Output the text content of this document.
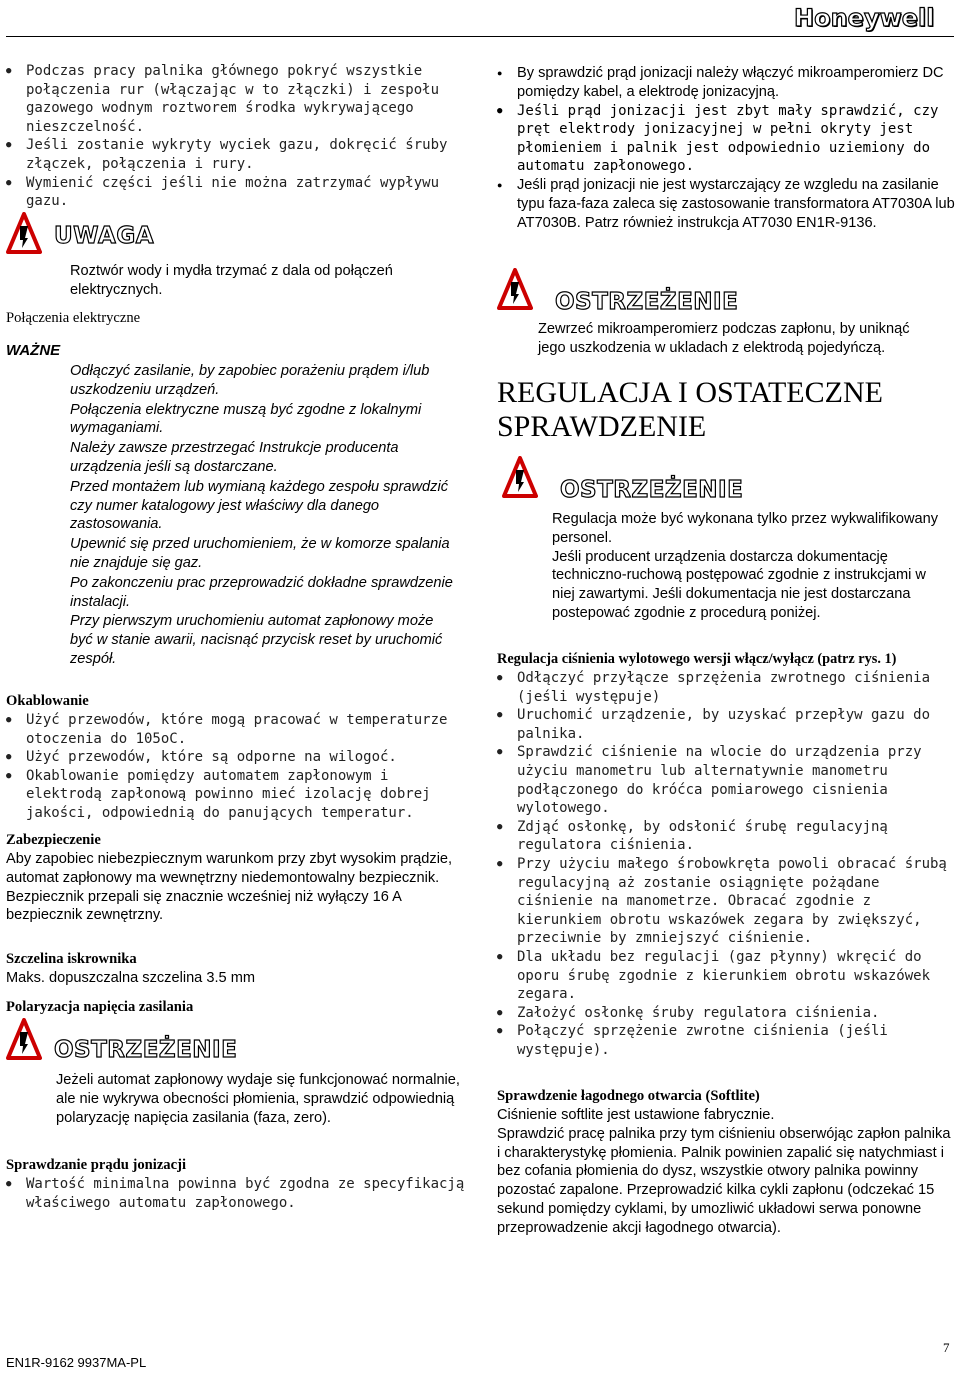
Honeywell
● Podczas pracy palnika głównego pokryć wszystkie połączenia rur (włączając w to złączki) i zespołu gazowego wodnym roztworem środka wykrywającego nieszczelność.
● Jeśli zostanie wykryty wyciek gazu, dokręcić śruby złączek, połączenia i rury.
● Wymienić części jeśli nie można zatrzymać wypływu gazu.
UWAGA

Roztwór wody i mydła trzymać z dala od połączeń elektrycznych.

Połączenia elektryczne

WAŻNE

Odłączyć zasilanie, by zapobiec porażeniu prądem i/lub uszkodzeniu urządzeń.

Połączenia elektryczne muszą być zgodne z lokalnymi wymaganiami.

Należy zawsze przestrzegać Instrukcje producenta urządzenia jeśli są dostarczane.

Przed montażem lub wymianą każdego zespołu sprawdzić czy numer katalogowy jest właściwy dla danego zastosowania.

Upewnić się przed uruchomieniem, że w komorze spalania nie znajduje się gaz.

Po zakonczeniu prac przeprowadzić dokładne sprawdzenie instalacji.

Przy pierwszym uruchomieniu automat zapłonowy może być w stanie awarii, nacisnąć przycisk reset by uruchomić zespół.

Okablowanie

● Użyć przewodów, które mogą pracować w temperaturze otoczenia do 105oC.
● Użyć przewodów, które są odporne na wilogoć.
● Okablowanie pomiędzy automatem zapłonowym i elektrodą zapłonową powinno mieć izolację dobrej jakości, odpowiednią do panujących temperatur.

Zabezpieczenie

Aby zapobiec niebezpiecznym warunkom przy zbyt wysokim prądzie, automat zapłonowy ma wewnętrzny niedemontowalny bezpiecznik.

Bezpiecznik przepali się znacznie wcześniej niż wyłączy 16 A bezpiecznik zewnętrzny.

Szczelina iskrownika

Maks. dopuszczalna szczelina 3.5 mm

Polaryzacja napięcia zasilania

OSTRZEŻENIE

Jeżeli automat zapłonowy wydaje się funkcjonować normalnie, ale nie wykrywa obecności płomienia, sprawdzić odpowiednią polaryzację napięcia zasilania (faza, zero).

Sprawdzanie prądu jonizacji

● Wartość minimalna powinna być zgodna ze specyfikacją właściwego automatu zapłonowego.
● By sprawdzić prąd jonizacji należy włączyć mikroamperomierz DC pomiędzy kabel, a elektrodę jonizacyjną.
● Jeśli prąd jonizacji jest zbyt mały sprawdzić, czy pręt elektrody jonizacyjnej w pełni okryty jest płomieniem i palnik jest odpowiednio uziemiony do automatu zapłonowego.
● Jeśli prąd jonizacji nie jest wystarczający ze wzgledu na zasilanie typu faza-faza zaleca się zastosowanie transformatora AT7030A lub AT7030B. Patrz również instrukcja AT7030 EN1R-9136.
OSTRZEŻENIE

Zewrzeć mikroamperomierz podczas zapłonu, by uniknąć jego uszkodzenia w ukladach z elektrodą pojedyńczą.

REGULACJA I OSTATECZNE

SPRAWDZENIE

OSTRZEŻENIE

Regulacja może być wykonana tylko przez wykwalifikowany personel.

Jeśli producent urządzenia dostarcza dokumentację techniczno-ruchową postępować zgodnie z instrukcjami w niej zawartymi. Jeśli dokumentacja nie jest dostarczana postepować zgodnie z procedurą poniżej.

Regulacja ciśnienia wylotowego wersji włącz/wyłącz (patrz rys. 1)

● Odłączyć przyłącze sprzężenia zwrotnego ciśnienia (jeśli występuje)
● Uruchomić urządzenie, by uzyskać przepływ gazu do palnika.
● Sprawdzić ciśnienie na wlocie do urządzenia przy użyciu manometru lub alternatywnie manometru podłączonego do króćca pomiarowego cisnienia wylotowego.
● Zdjąć osłonkę, by odsłonić śrubę regulacyjną regulatora ciśnienia.
● Przy użyciu małego śrobowkręta powoli obracać śrubą regulacyjną aż zostanie osiągnięte pożądane ciśnienie na manometrze. Obracać zgodnie z kierunkiem obrotu wskazówek zegara by zwiększyć, przeciwnie by zmniejszyć ciśnienie.
● Dla układu bez regulacji (gaz płynny) wkręcić do oporu śrubę zgodnie z kierunkiem obrotu wskazówek zegara.
● Założyć osłonkę śruby regulatora ciśnienia.
● Połączyć sprzężenie zwrotne ciśnienia (jeśli występuje).

Sprawdzenie łagodnego otwarcia (Softlite)

Ciśnienie softlite jest ustawione fabrycznie.

Sprawdzić pracę palnika przy tym ciśnieniu obserwójąc zapłon palnika i charakterystykę płomienia. Palnik powinien zapalić się natychmiast i bez cofania płomienia do dysz, wszystkie otwory palnika powinny pozostać zapalone. Przeprowadzić kilka cykli zapłonu (odczekać 15 sekund pomiędzy cyklami, by umozliwić układowi serwa ponowne przeprowadzenie akcji łagodnego otwarcia).

EN1R-9162 9937MA-PL

7
